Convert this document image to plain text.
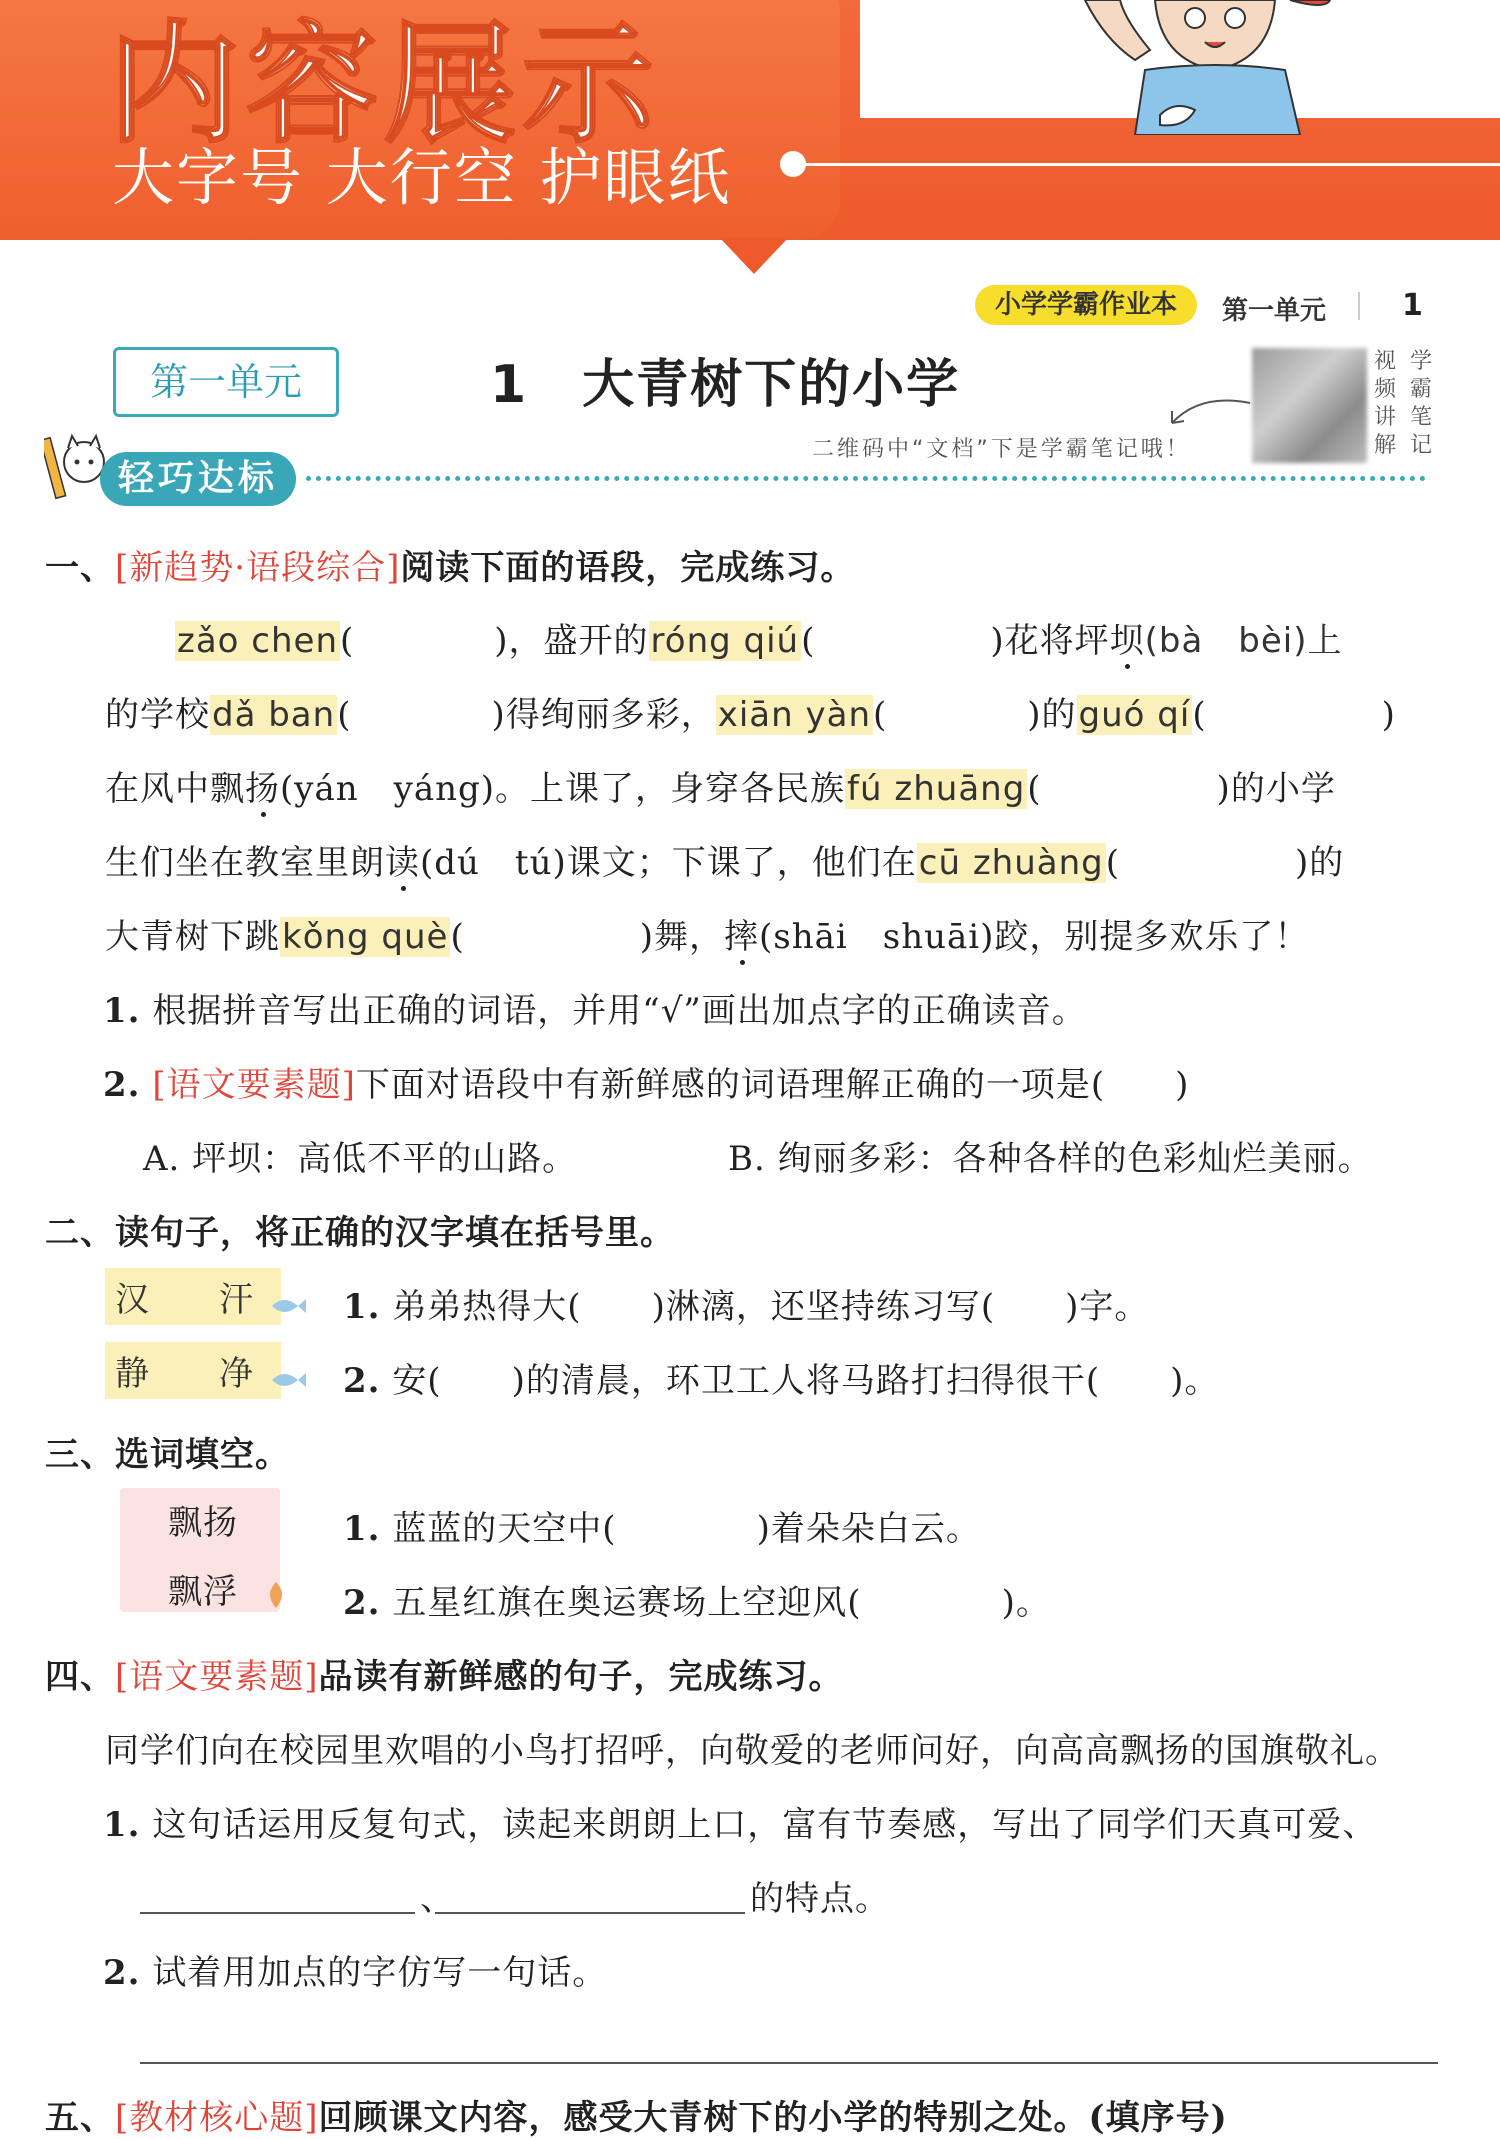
内容展示
大字号 大行空 护眼纸
小学学霸作业本	第一单元	1
第一单元	1　大青树下的小学	视频讲解
学霸笔记
二维码中“文档”下是学霸笔记哦！
轻巧达标
一、[新趋势·语段综合]阅读下面的语段，完成练习。
zǎo chen(　　　　)，盛开的róng qiú(　　　　　)花将坪坝(bà　bèi)上
的学校dǎ ban(　　　　)得绚丽多彩，xiān yàn(　　　　)的guó qí(　　　　　)
在风中飘扬(yán　yáng)。上课了，身穿各民族fú zhuāng(　　　　　)的小学
生们坐在教室里朗读(dú　tú)课文；下课了，他们在cū zhuàng(　　　　　)的
大青树下跳kǒng què(　　　　　)舞，摔(shāi　shuāi)跤，别提多欢乐了！
1. 根据拼音写出正确的词语，并用“√”画出加点字的正确读音。
2. [语文要素题]下面对语段中有新鲜感的词语理解正确的一项是(　　)
A. 坪坝：高低不平的山路。	B. 绚丽多彩：各种各样的色彩灿烂美丽。
二、读句子，将正确的汉字填在括号里。
汉　汗
静　净
1. 弟弟热得大(　　)淋漓，还坚持练习写(　　)字。
2. 安(　　)的清晨，环卫工人将马路打扫得很干(　　)。
三、选词填空。
飘扬
飘浮
1. 蓝蓝的天空中(　　　　)着朵朵白云。
2. 五星红旗在奥运赛场上空迎风(　　　　)。
四、[语文要素题]品读有新鲜感的句子，完成练习。
同学们向在校园里欢唱的小鸟打招呼，向敬爱的老师问好，向高高飘扬的国旗敬礼。
1. 这句话运用反复句式，读起来朗朗上口，富有节奏感，写出了同学们天真可爱、
、	的特点。
2. 试着用加点的字仿写一句话。
五、[教材核心题]回顾课文内容，感受大青树下的小学的特别之处。(填序号)
